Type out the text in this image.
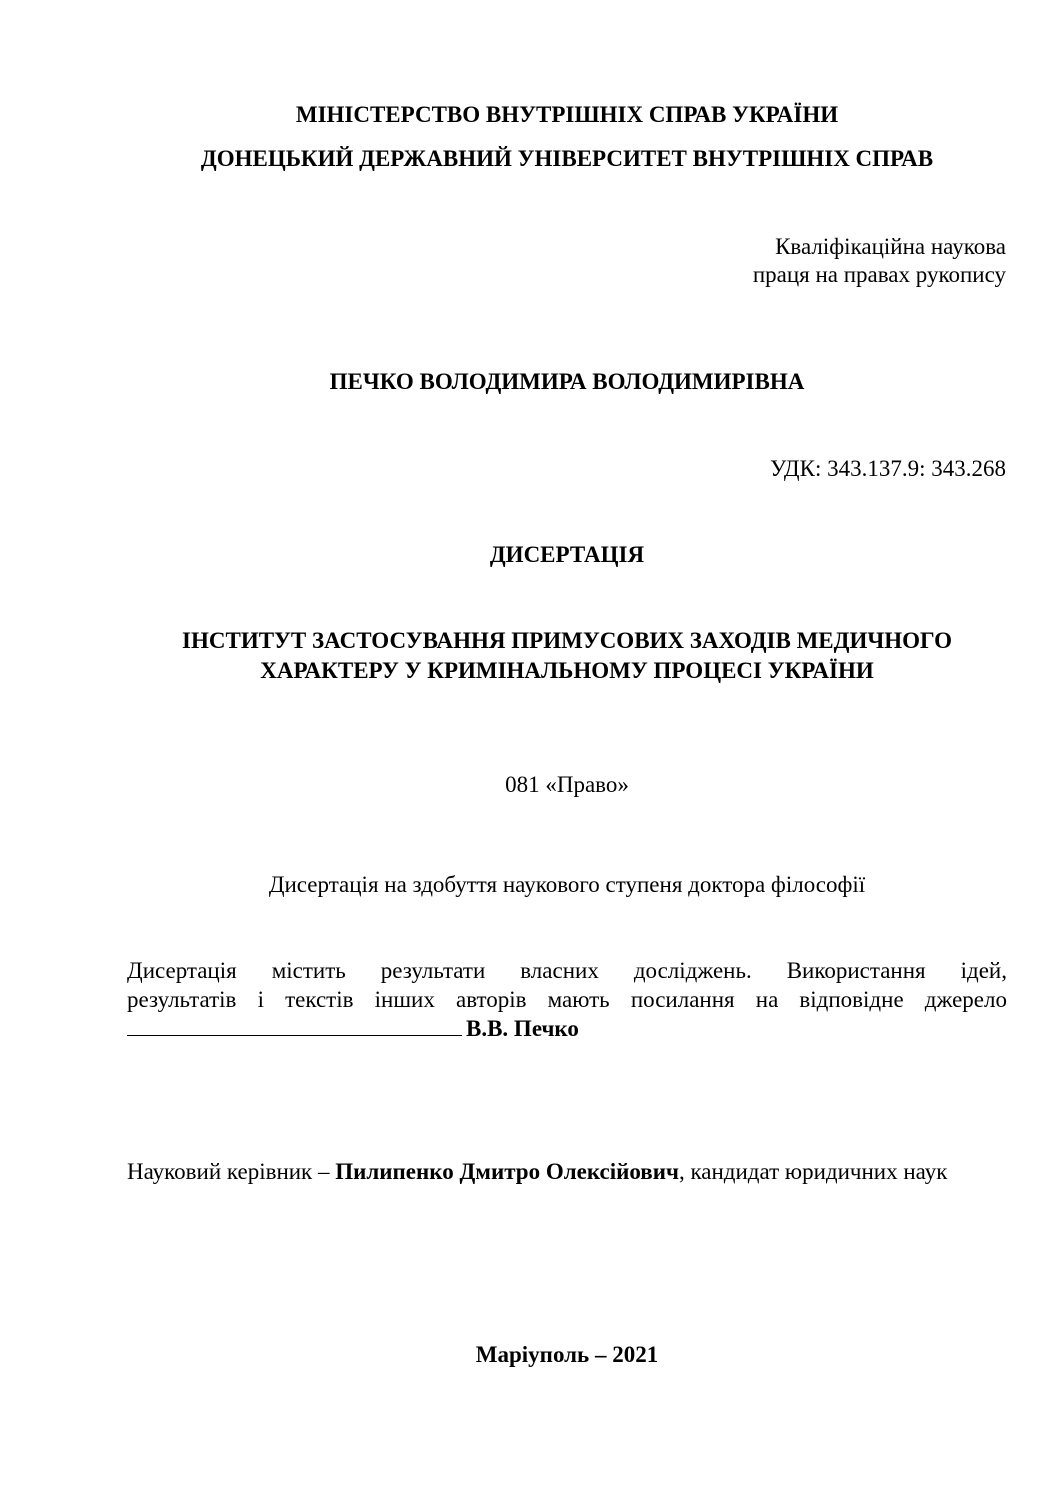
МІНІСТЕРСТВО ВНУТРІШНІХ СПРАВ УКРАЇНИ
ДОНЕЦЬКИЙ ДЕРЖАВНИЙ УНІВЕРСИТЕТ ВНУТРІШНІХ СПРАВ
Кваліфікаційна наукова
праця на правах рукопису
ПЕЧКО ВОЛОДИМИРА ВОЛОДИМИРІВНА
УДК: 343.137.9: 343.268
ДИСЕРТАЦІЯ
ІНСТИТУТ ЗАСТОСУВАННЯ ПРИМУСОВИХ ЗАХОДІВ МЕДИЧНОГО
ХАРАКТЕРУ У КРИМІНАЛЬНОМУ ПРОЦЕСІ УКРАЇНИ
081 «Право»
Дисертація на здобуття наукового ступеня доктора філософії
Дисертація містить результати власних досліджень. Використання ідей,
результатів і текстів інших авторів мають посилання на відповідне джерело
В.В. Печко
Науковий керівник – Пилипенко Дмитро Олексійович, кандидат юридичних наук
Маріуполь – 2021
